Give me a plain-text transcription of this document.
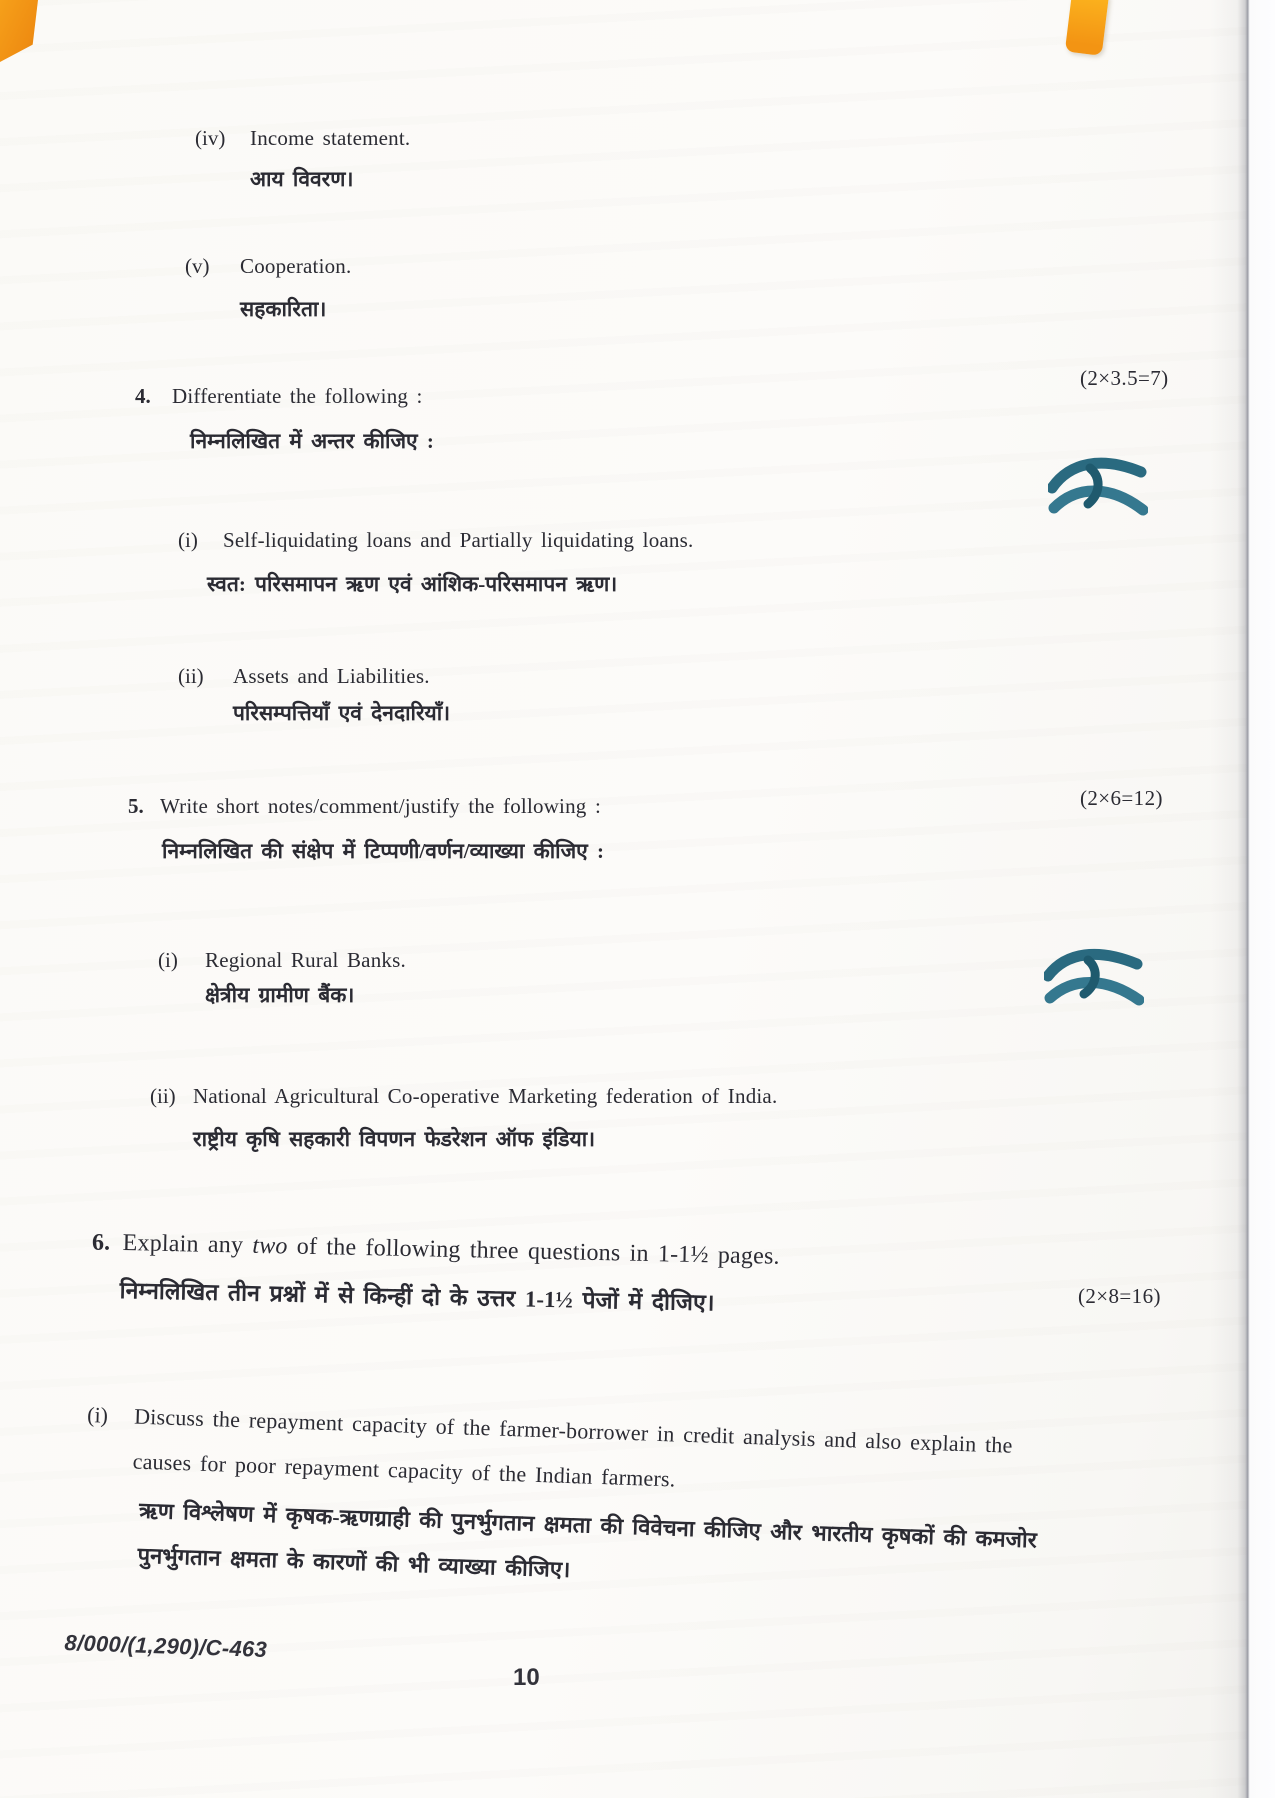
(iv)	Income statement.
आय विवरण।
(v)	Cooperation.
सहकारिता।
4. Differentiate the following :
(2×3.5=7)
निम्नलिखित में अन्तर कीजिए :
(i)	Self-liquidating loans and Partially liquidating loans.
स्वत: परिसमापन ऋण एवं आंशिक-परिसमापन ऋण।
(ii)	Assets and Liabilities.
परिसम्पत्तियाँ एवं देनदारियाँ।
5. Write short notes/comment/justify the following :	(2×6=12)
निम्नलिखित की संक्षेप में टिप्पणी/वर्णन/व्याख्या कीजिए :
(i)	Regional Rural Banks.
क्षेत्रीय ग्रामीण बैंक।
(ii) National Agricultural Co-operative Marketing federation of India.
राष्ट्रीय कृषि सहकारी विपणन फेडरेशन ऑफ इंडिया।
6. Explain any two of the following three questions in 1-1½ pages.
(2×8=16)
निम्नलिखित तीन प्रश्नों में से किन्हीं दो के उत्तर 1-1½ पेजों में दीजिए।
(i)	Discuss the repayment capacity of the farmer-borrower in credit analysis and also explain the causes for poor repayment capacity of the Indian farmers.
ऋण विश्लेषण में कृषक-ऋणग्राही की पुनर्भुगतान क्षमता की विवेचना कीजिए और भारतीय कृषकों की कमजोर पुनर्भुगतान क्षमता के कारणों की भी व्याख्या कीजिए।
8/000/(1,290)/C-463
10
